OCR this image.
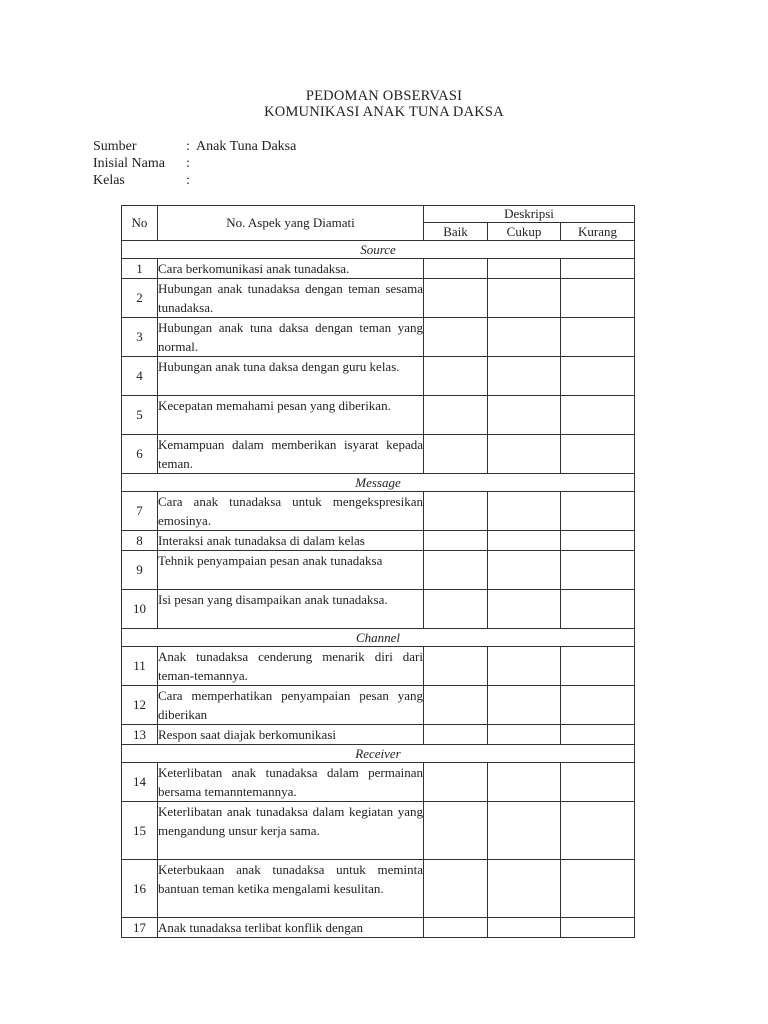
PEDOMAN OBSERVASI
KOMUNIKASI ANAK TUNA DAKSA
Sumber	: Anak Tuna Daksa
Inisial Nama	:
Kelas	:
No	No. Aspek yang Diamati	Deskripsi		
		Baik	Cukup	Kurang
Source				
1	Cara berkomunikasi anak tunadaksa.			
2	Hubungan anak tunadaksa dengan teman sesama tunadaksa.			
3	Hubungan anak tuna daksa dengan teman yang normal.			
4	Hubungan anak tuna daksa dengan guru kelas.			
5	Kecepatan memahami pesan yang diberikan.			
6	Kemampuan dalam memberikan isyarat kepada teman.			
Message				
7	Cara anak tunadaksa untuk mengekspresikan emosinya.			
8	Interaksi anak tunadaksa di dalam kelas			
9	Tehnik penyampaian pesan anak tunadaksa			
10	Isi pesan yang disampaikan anak tunadaksa.			
Channel				
11	Anak tunadaksa cenderung menarik diri dari teman-temannya.			
12	Cara memperhatikan penyampaian pesan yang diberikan			
13	Respon saat diajak berkomunikasi			
Receiver				
14	Keterlibatan anak tunadaksa dalam permainan bersama temanntemannya.			
15	Keterlibatan anak tunadaksa dalam kegiatan yang mengandung unsur kerja sama.			
16	Keterbukaan anak tunadaksa untuk meminta bantuan teman ketika mengalami kesulitan.			
17	Anak tunadaksa terlibat konflik dengan			
